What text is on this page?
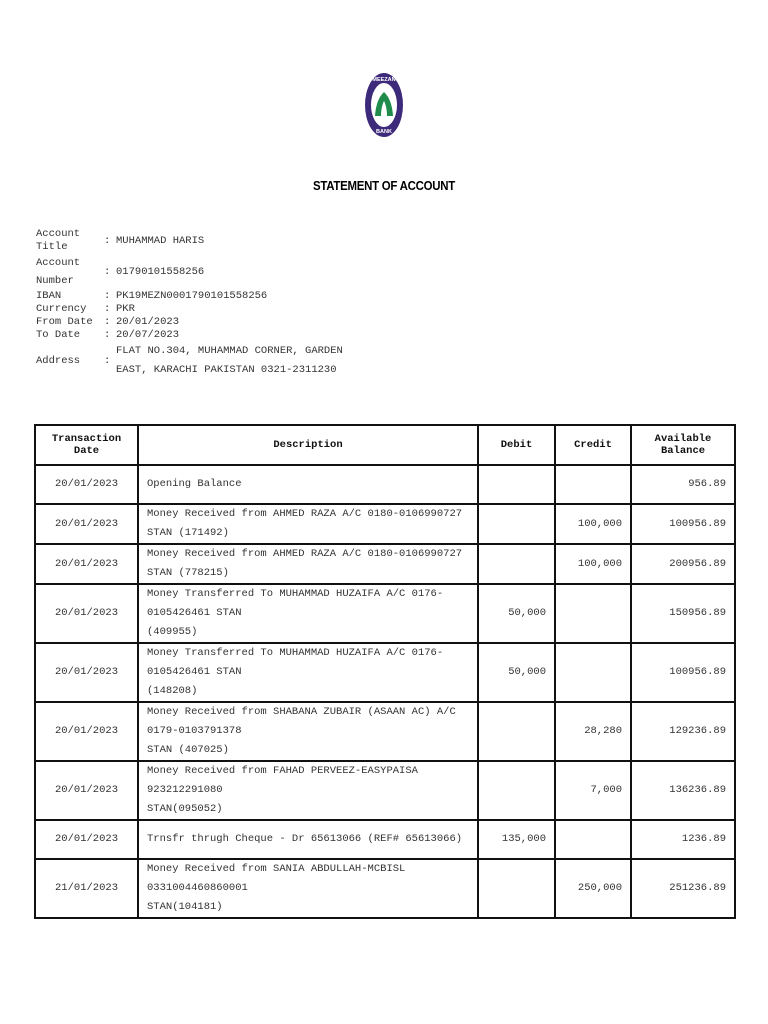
MEEZAN
BANK
STATEMENT OF ACCOUNT
Account Title
: MUHAMMAD HARIS
Account
Number
: 01790101558256
IBAN	: PK19MEZN0001790101558256
Currency	: PKR
From Date	: 20/01/2023
To Date	: 20/07/2023
Address	:
FLAT NO.304, MUHAMMAD CORNER, GARDEN
EAST, KARACHI PAKISTAN 0321-2311230
Transaction Date	Description	Debit	Credit	Available Balance
20/01/2023	Opening Balance			956.89
20/01/2023	Money Received from AHMED RAZA A/C 0180-0106990727 STAN (171492)		100,000	100956.89
20/01/2023	Money Received from AHMED RAZA A/C 0180-0106990727 STAN (778215)		100,000	200956.89
20/01/2023	Money Transferred To MUHAMMAD HUZAIFA A/C 0176-0105426461 STAN
(409955)	50,000		150956.89
20/01/2023	Money Transferred To MUHAMMAD HUZAIFA A/C 0176-0105426461 STAN
(148208)	50,000		100956.89
20/01/2023	Money Received from SHABANA ZUBAIR (ASAAN AC) A/C 0179-0103791378
STAN (407025)		28,280	129236.89
20/01/2023	Money Received from FAHAD PERVEEZ-EASYPAISA 923212291080
STAN(095052)		7,000	136236.89
20/01/2023	Trnsfr thrugh Cheque - Dr 65613066 (REF# 65613066)	135,000		1236.89
21/01/2023	Money Received from SANIA ABDULLAH-MCBISL 0331004460860001
STAN(104181)		250,000	251236.89
